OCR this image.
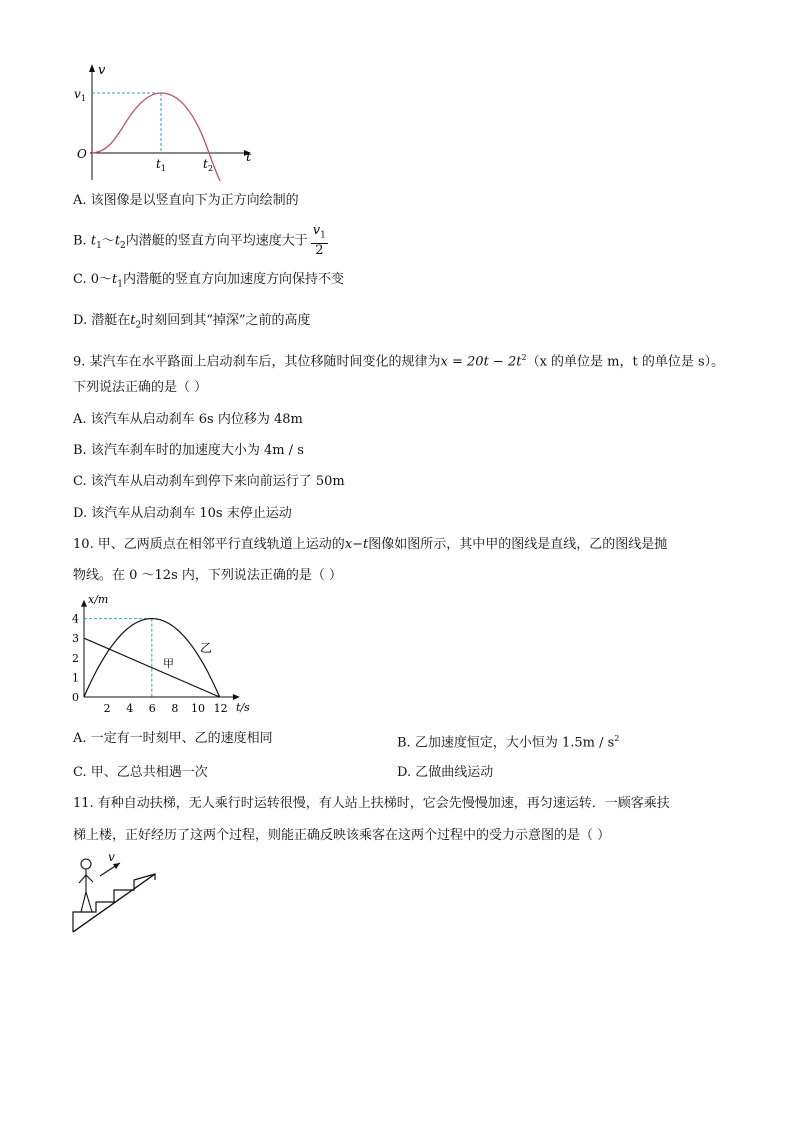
v
t
v 1
O
t 1	t 2
A. 该图像是以竖直向下为正方向绘制的
B. $t_1\sim t_2$内潜艇的竖直方向平均速度大于 $\frac{v_1}{2}$
C. $0\sim t_1$内潜艇的竖直方向加速度方向保持不变
D. 潜艇在$t_2$时刻回到其“掉深”之前的高度
9. 某汽车在水平路面上启动刹车后，其位移随时间变化的规律为$x = 20t - 2t^2(x$ 的单位是 m，t 的单位是 s）。
下列说法正确的是（ ）
A. 该汽车从启动刹车 6s 内位移为 48m
B. 该汽车刹车时的加速度大小为 4m / s
C. 该汽车从启动刹车到停下来向前运行了 50m
D. 该汽车从启动刹车 10s 末停止运动
10. 甲、乙两质点在相邻平行直线轨道上运动的x−t图像如图所示，其中甲的图线是直线，乙的图线是抛
物线。在 0 ～12s 内，下列说法正确的是（ ）
0
1
2
3
4
2 4 6 8 10 12
x/m
t/s
甲
乙
A. 一定有一时刻甲、乙的速度相同	B. 乙加速度恒定，大小恒为 $1.5m / s^2$
C. 甲、乙总共相遇一次	D. 乙做曲线运动
11. 有种自动扶梯，无人乘行时运转很慢，有人站上扶梯时，它会先慢慢加速，再匀速运转．一顾客乘扶
梯上楼，正好经历了这两个过程，则能正确反映该乘客在这两个过程中的受力示意图的是（ ）
v
